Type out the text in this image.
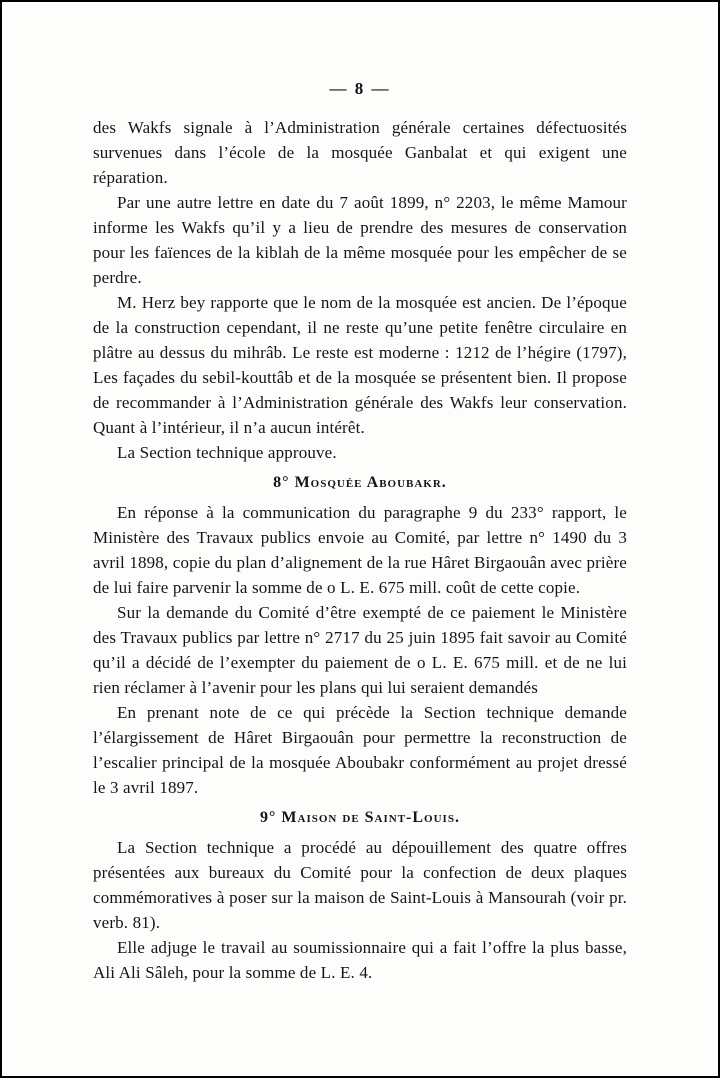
— 8 —

des Wakfs signale à l’Administration générale certaines défectuosités survenues dans l’école de la mosquée Ganbalat et qui exigent une réparation.

Par une autre lettre en date du 7 août 1899, n° 2203, le même Mamour informe les Wakfs qu’il y a lieu de prendre des mesures de conservation pour les faïences de la kiblah de la même mosquée pour les empêcher de se perdre.

M. Herz bey rapporte que le nom de la mosquée est ancien. De l’époque de la construction cependant, il ne reste qu’une petite fenêtre circulaire en plâtre au dessus du mihrâb. Le reste est moderne : 1212 de l’hégire (1797), Les façades du sebil-kouttâb et de la mosquée se présentent bien. Il propose de recommander à l’Administration générale des Wakfs leur conservation. Quant à l’intérieur, il n’a aucun intérêt.

La Section technique approuve.

8° Mosquée Aboubakr.

En réponse à la communication du paragraphe 9 du 233° rapport, le Ministère des Travaux publics envoie au Comité, par lettre n° 1490 du 3 avril 1898, copie du plan d’alignement de la rue Hâret Birgaouân avec prière de lui faire parvenir la somme de o L. E. 675 mill. coût de cette copie.

Sur la demande du Comité d’être exempté de ce paiement le Ministère des Travaux publics par lettre n° 2717 du 25 juin 1895 fait savoir au Comité qu’il a décidé de l’exempter du paiement de o L. E. 675 mill. et de ne lui rien réclamer à l’avenir pour les plans qui lui seraient demandés

En prenant note de ce qui précède la Section technique demande l’élargissement de Hâret Birgaouân pour permettre la reconstruction de l’escalier principal de la mosquée Aboubakr conformément au projet dressé le 3 avril 1897.

9° Maison de Saint-Louis.

La Section technique a procédé au dépouillement des quatre offres présentées aux bureaux du Comité pour la confection de deux plaques commémoratives à poser sur la maison de Saint-Louis à Mansourah (voir pr. verb. 81).

Elle adjuge le travail au soumissionnaire qui a fait l’offre la plus basse, Ali Ali Sâleh, pour la somme de L. E. 4.
